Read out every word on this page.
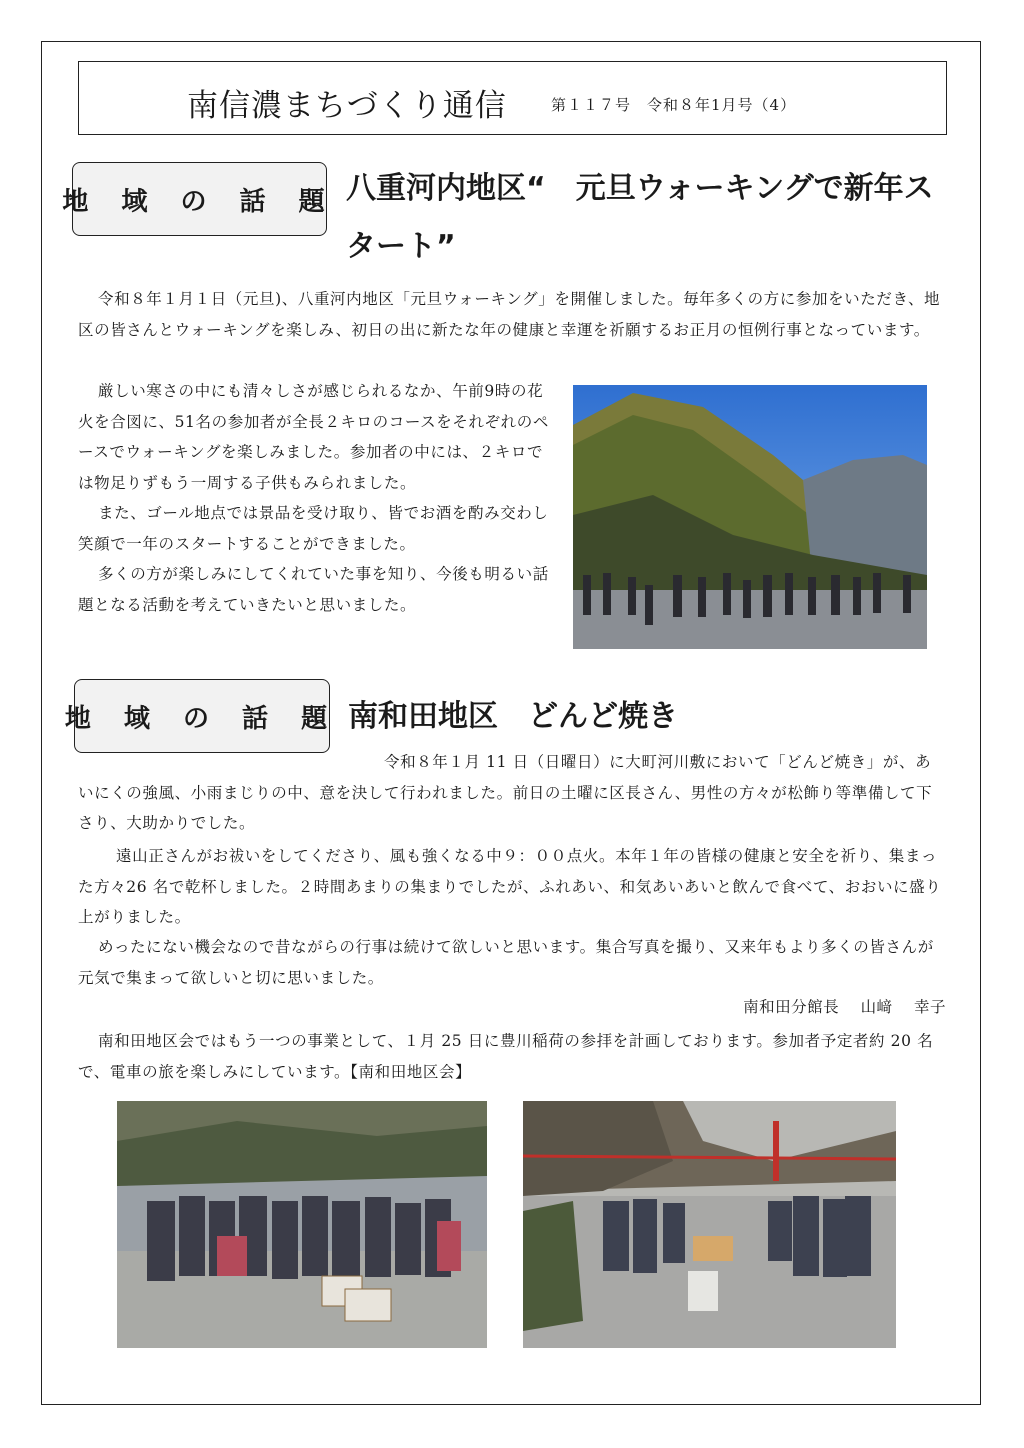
南信濃まちづくり通信	第１１７号　令和８年1月号（4）
地 域 の 話 題 八重河内地区“　元旦ウォーキングで新年スタート”

令和８年１月１日（元旦)、八重河内地区「元旦ウォーキング」を開催しました。毎年多くの方に参加をいただき、地区の皆さんとウォーキングを楽しみ、初日の出に新たな年の健康と幸運を祈願するお正月の恒例行事となっています。

厳しい寒さの中にも清々しさが感じられるなか、午前9時の花火を合図に、51名の参加者が全長２キロのコースをそれぞれのペースでウォーキングを楽しみました。参加者の中には、２キロでは物足りずもう一周する子供もみられました。
また、ゴール地点では景品を受け取り、皆でお酒を酌み交わし笑顔で一年のスタートすることができました。
多くの方が楽しみにしてくれていた事を知り、今後も明るい話題となる活動を考えていきたいと思いました。
地 域 の 話 題 南和田地区　どんど焼き

令和８年１月 11 日（日曜日）に大町河川敷において「どんど焼き」が、あいにくの強風、小雨まじりの中、意を決して行われました。前日の土曜に区長さん、男性の方々が松飾り等準備して下さり、大助かりでした。

遠山正さんがお祓いをしてくださり、風も強くなる中９：００点火。本年１年の皆様の健康と安全を祈り、集まった方々26 名で乾杯しました。２時間あまりの集まりでしたが、ふれあい、和気あいあいと飲んで食べて、おおいに盛り上がりました。

めったにない機会なので昔ながらの行事は続けて欲しいと思います。集合写真を撮り、又来年もより多くの皆さんが元気で集まって欲しいと切に思いました。

南和田分館長　 山﨑　 幸子

南和田地区会ではもう一つの事業として、１月 25 日に豊川稲荷の参拝を計画しております。参加者予定者約 20 名で、電車の旅を楽しみにしています。【南和田地区会】
